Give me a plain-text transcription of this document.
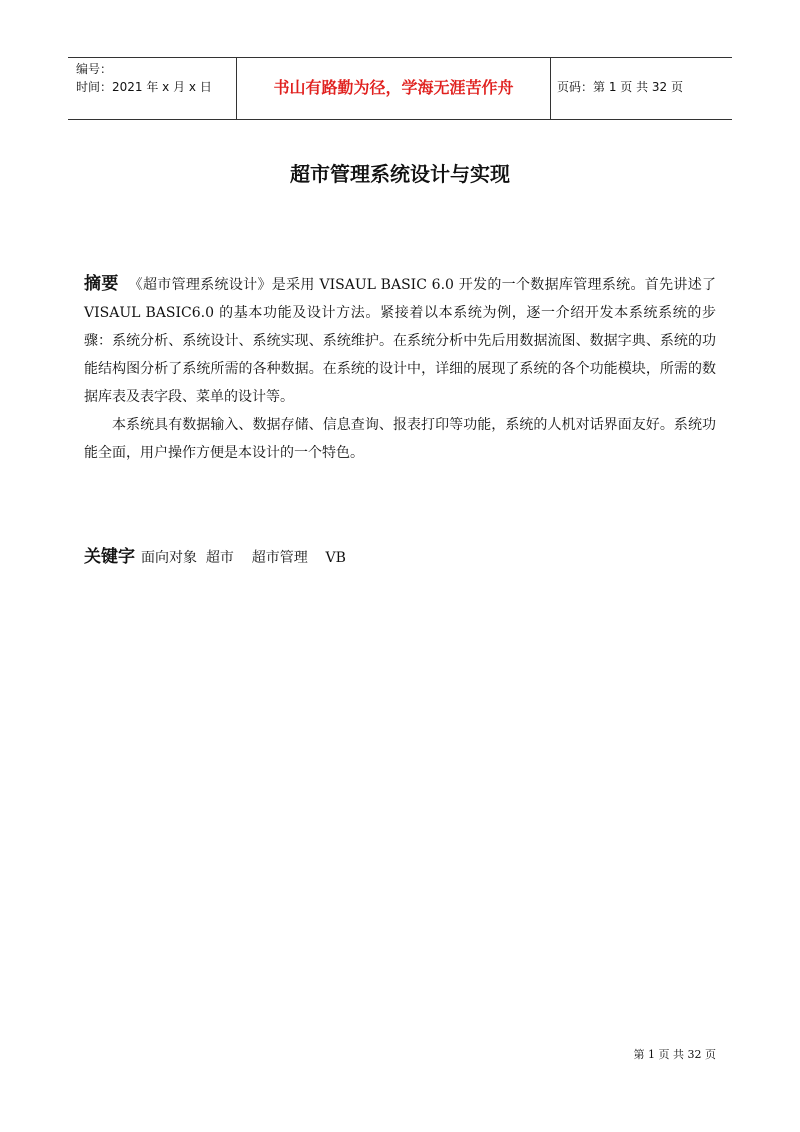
编号：
时间：2021 年 x 月 x 日	书山有路勤为径，学海无涯苦作舟	页码：第 1 页 共 32 页
超市管理系统设计与实现

摘要 《超市管理系统设计》是采用 VISAUL BASIC 6.0 开发的一个数据库管理系统。首先讲述了 VISAUL BASIC6.0 的基本功能及设计方法。紧接着以本系统为例，逐一介绍开发本系统系统的步骤：系统分析、系统设计、系统实现、系统维护。在系统分析中先后用数据流图、数据字典、系统的功能结构图分析了系统所需的各种数据。在系统的设计中，详细的展现了系统的各个功能模块，所需的数据库表及表字段、菜单的设计等。

本系统具有数据输入、数据存储、信息查询、报表打印等功能，系统的人机对话界面友好。系统功能全面，用户操作方便是本设计的一个特色。

关键字 面向对象  超市    超市管理    VB
第 1 页 共 32 页
